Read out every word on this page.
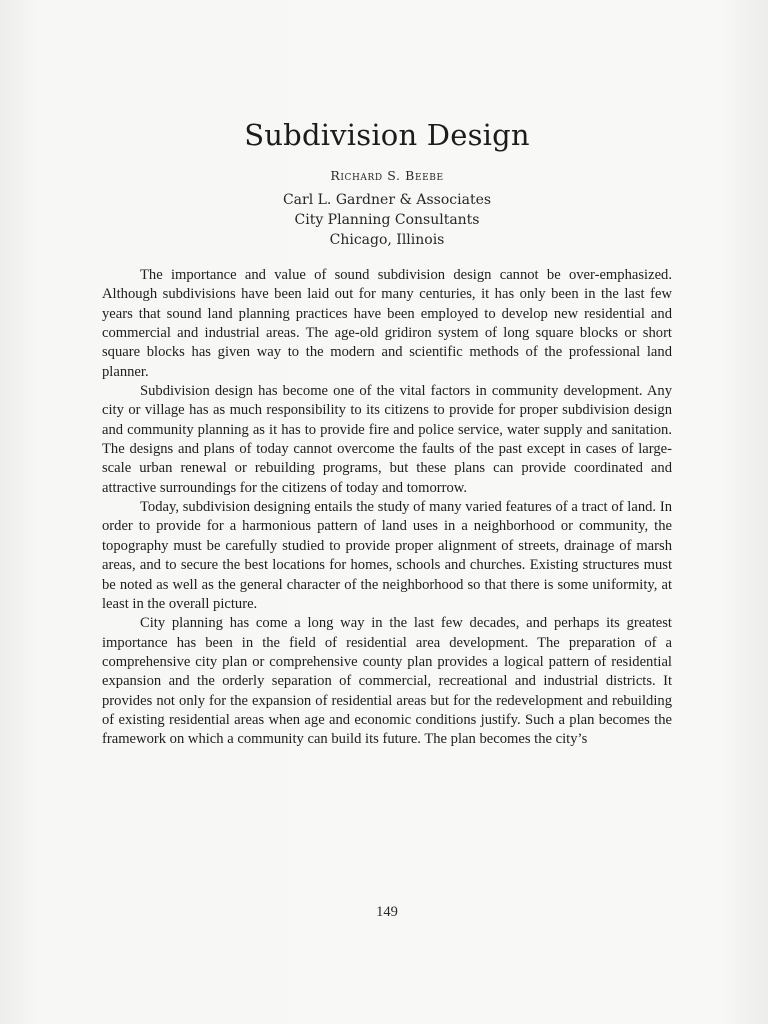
Subdivision Design
Richard S. Beebe
Carl L. Gardner & Associates
City Planning Consultants
Chicago, Illinois

The importance and value of sound subdivision design cannot be over-emphasized. Although subdivisions have been laid out for many centuries, it has only been in the last few years that sound land planning practices have been employed to develop new residential and commercial and industrial areas. The age-old gridiron system of long square blocks or short square blocks has given way to the modern and scientific methods of the professional land planner.

Subdivision design has become one of the vital factors in community development. Any city or village has as much responsibility to its citizens to provide for proper subdivision design and community planning as it has to provide fire and police service, water supply and sanitation. The designs and plans of today cannot overcome the faults of the past except in cases of large-scale urban renewal or rebuilding programs, but these plans can provide coordinated and attractive surroundings for the citizens of today and tomorrow.

Today, subdivision designing entails the study of many varied features of a tract of land. In order to provide for a harmonious pattern of land uses in a neighborhood or community, the topography must be carefully studied to provide proper alignment of streets, drainage of marsh areas, and to secure the best locations for homes, schools and churches. Existing structures must be noted as well as the general character of the neighborhood so that there is some uniformity, at least in the overall picture.

City planning has come a long way in the last few decades, and perhaps its greatest importance has been in the field of residential area development. The preparation of a comprehensive city plan or comprehensive county plan provides a logical pattern of residential expansion and the orderly separation of commercial, recreational and industrial districts. It provides not only for the expansion of residential areas but for the redevelopment and rebuilding of existing residential areas when age and economic conditions justify. Such a plan becomes the framework on which a community can build its future. The plan becomes the city’s

149
